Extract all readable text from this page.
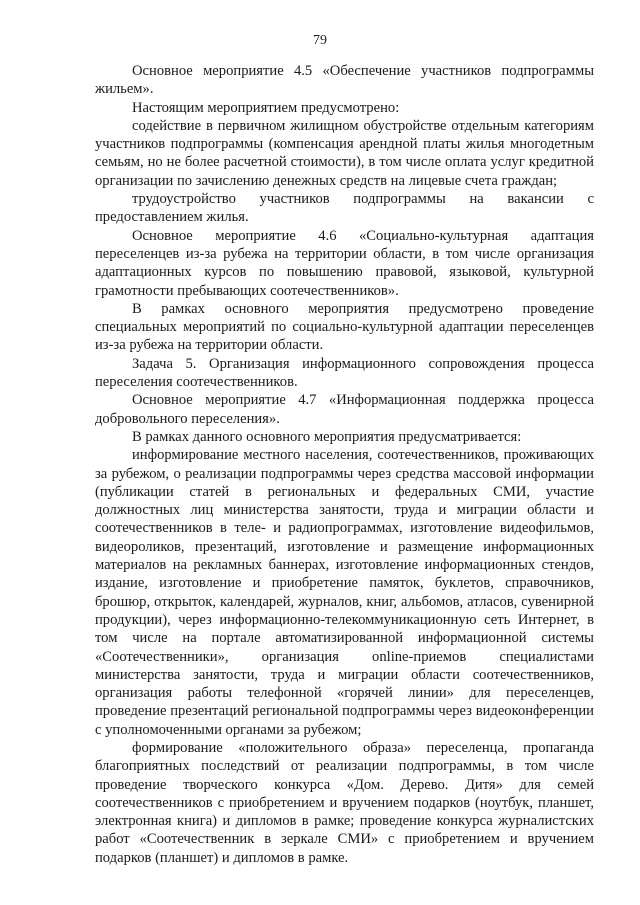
79

Основное мероприятие 4.5 «Обеспечение участников подпрограммы жильем».

Настоящим мероприятием предусмотрено:

содействие в первичном жилищном обустройстве отдельным категориям участников подпрограммы (компенсация арендной платы жилья многодетным семьям, но не более расчетной стоимости), в том числе оплата услуг кредитной организации по зачислению денежных средств на лицевые счета граждан;

трудоустройство участников подпрограммы на вакансии с предоставлением жилья.

Основное мероприятие 4.6 «Социально-культурная адаптация переселенцев из-за рубежа на территории области, в том числе организация адаптационных курсов по повышению правовой, языковой, культурной грамотности пребывающих соотечественников».

В рамках основного мероприятия предусмотрено проведение специальных мероприятий по социально-культурной адаптации переселенцев из-за рубежа на территории области.

Задача 5. Организация информационного сопровождения процесса переселения соотечественников.

Основное мероприятие 4.7 «Информационная поддержка процесса добровольного переселения».

В рамках данного основного мероприятия предусматривается:

информирование местного населения, соотечественников, проживающих за рубежом, о реализации подпрограммы через средства массовой информации (публикации статей в региональных и федеральных СМИ, участие должностных лиц министерства занятости, труда и миграции области и соотечественников в теле- и радиопрограммах, изготовление видеофильмов, видеороликов, презентаций, изготовление и размещение информационных материалов на рекламных баннерах, изготовление информационных стендов, издание, изготовление и приобретение памяток, буклетов, справочников, брошюр, открыток, календарей, журналов, книг, альбомов, атласов, сувенирной продукции), через информационно-телекоммуникационную сеть Интернет, в том числе на портале автоматизированной информационной системы «Соотечественники», организация online-приемов специалистами министерства занятости, труда и миграции области соотечественников, организация работы телефонной «горячей линии» для переселенцев, проведение презентаций региональной подпрограммы через видеоконференции с уполномоченными органами за рубежом;

формирование «положительного образа» переселенца, пропаганда благоприятных последствий от реализации подпрограммы, в том числе проведение творческого конкурса «Дом. Дерево. Дитя» для семей соотечественников с приобретением и вручением подарков (ноутбук, планшет, электронная книга) и дипломов в рамке; проведение конкурса журналистских работ «Соотечественник в зеркале СМИ» с приобретением и вручением подарков (планшет) и дипломов в рамке.
